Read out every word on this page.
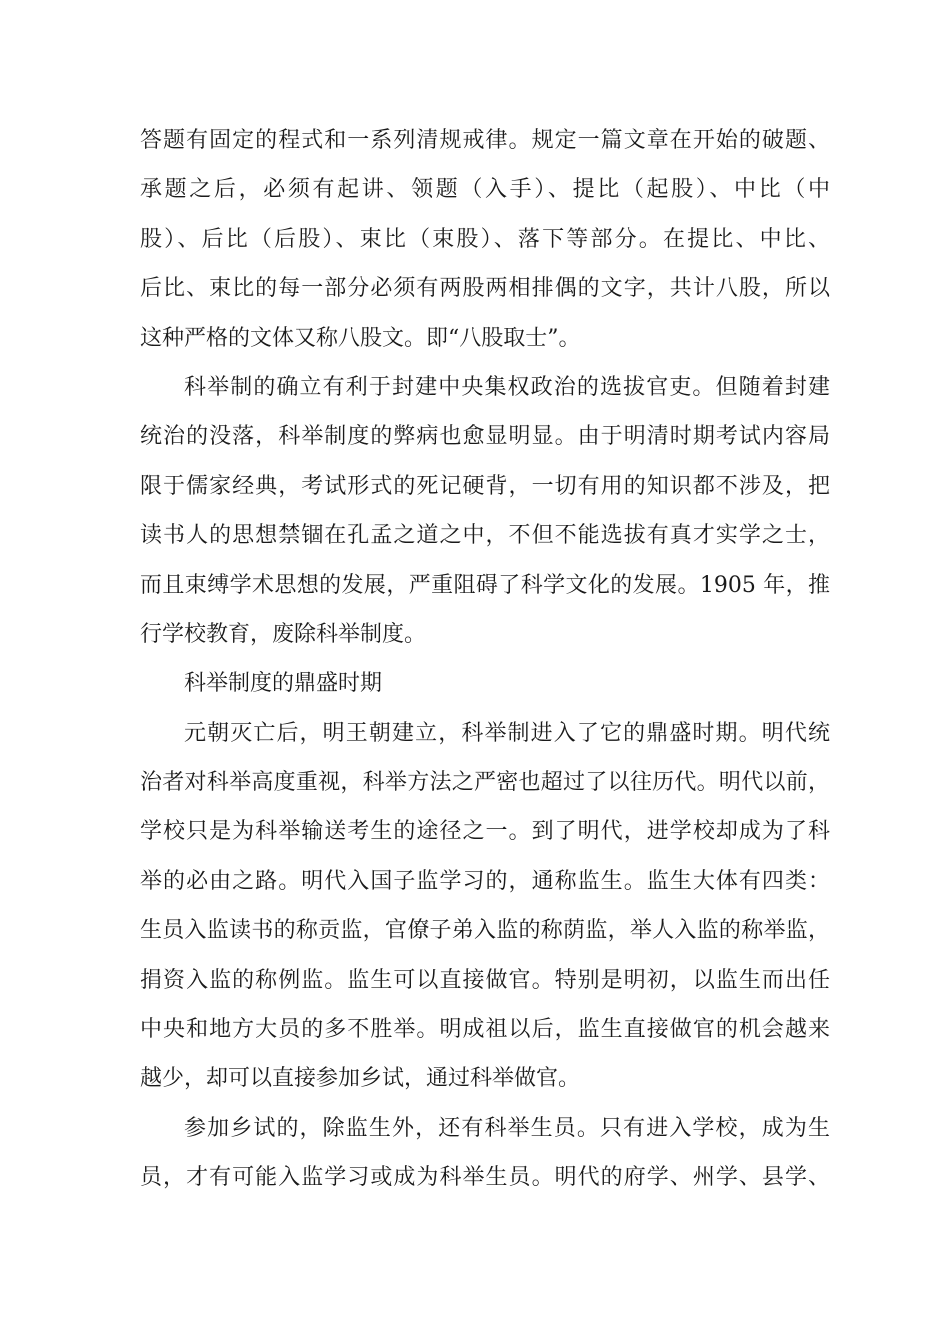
答题有固定的程式和一系列清规戒律。规定一篇文章在开始的破题、
承题之后，必须有起讲、领题（入手）、提比（起股）、中比（中
股）、后比（后股）、束比（束股）、落下等部分。在提比、中比、
后比、束比的每一部分必须有两股两相排偶的文字，共计八股，所以
这种严格的文体又称八股文。即“八股取士”。
科举制的确立有利于封建中央集权政治的选拔官吏。但随着封建
统治的没落，科举制度的弊病也愈显明显。由于明清时期考试内容局
限于儒家经典，考试形式的死记硬背，一切有用的知识都不涉及，把
读书人的思想禁锢在孔孟之道之中，不但不能选拔有真才实学之士，
而且束缚学术思想的发展，严重阻碍了科学文化的发展。1905 年，推
行学校教育，废除科举制度。
科举制度的鼎盛时期
元朝灭亡后，明王朝建立，科举制进入了它的鼎盛时期。明代统
治者对科举高度重视，科举方法之严密也超过了以往历代。明代以前，
学校只是为科举输送考生的途径之一。到了明代，进学校却成为了科
举的必由之路。明代入国子监学习的，通称监生。监生大体有四类：
生员入监读书的称贡监，官僚子弟入监的称荫监，举人入监的称举监，
捐资入监的称例监。监生可以直接做官。特别是明初，以监生而出任
中央和地方大员的多不胜举。明成祖以后，监生直接做官的机会越来
越少，却可以直接参加乡试，通过科举做官。
参加乡试的，除监生外，还有科举生员。只有进入学校，成为生
员，才有可能入监学习或成为科举生员。明代的府学、州学、县学、
